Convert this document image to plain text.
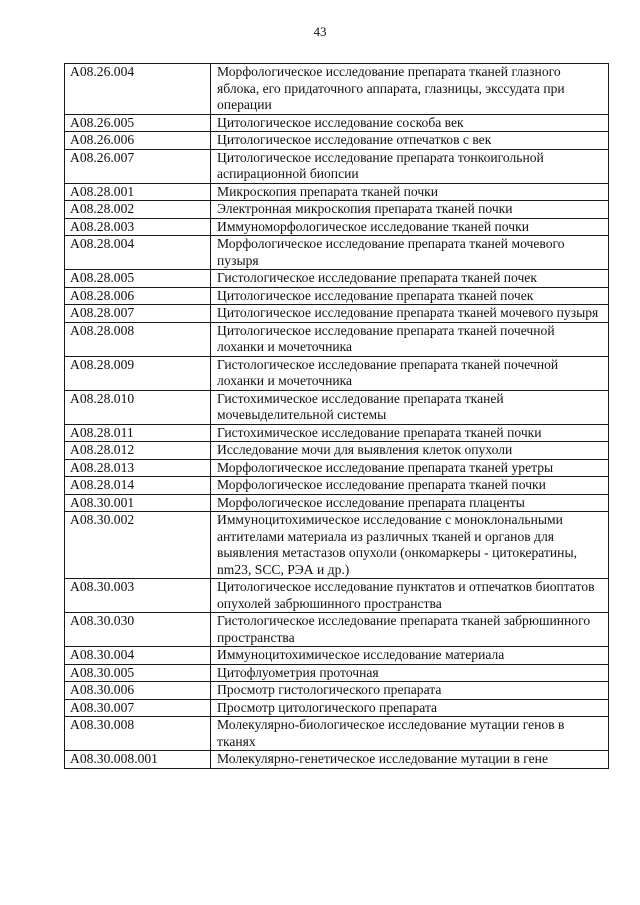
43
A08.26.004	Морфологическое исследование препарата тканей глазного яблока, его придаточного аппарата, глазницы, экссудата при операции
A08.26.005	Цитологическое исследование соскоба век
A08.26.006	Цитологическое исследование отпечатков с век
A08.26.007	Цитологическое исследование препарата тонкоигольной аспирационной биопсии
A08.28.001	Микроскопия препарата тканей почки
A08.28.002	Электронная микроскопия препарата тканей почки
A08.28.003	Иммуноморфологическое исследование тканей почки
A08.28.004	Морфологическое исследование препарата тканей мочевого пузыря
A08.28.005	Гистологическое исследование препарата тканей почек
A08.28.006	Цитологическое исследование препарата тканей почек
A08.28.007	Цитологическое исследование препарата тканей мочевого пузыря
A08.28.008	Цитологическое исследование препарата тканей почечной лоханки и мочеточника
A08.28.009	Гистологическое исследование препарата тканей почечной лоханки и мочеточника
A08.28.010	Гистохимическое исследование препарата тканей мочевыделительной системы
A08.28.011	Гистохимическое исследование препарата тканей почки
A08.28.012	Исследование мочи для выявления клеток опухоли
A08.28.013	Морфологическое исследование препарата тканей уретры
A08.28.014	Морфологическое исследование препарата тканей почки
A08.30.001	Морфологическое исследование препарата плаценты
A08.30.002	Иммуноцитохимическое исследование с моноклональными антителами материала из различных тканей и органов для выявления метастазов опухоли (онкомаркеры - цитокератины, nm23, SCC, РЭА и др.)
A08.30.003	Цитологическое исследование пунктатов и отпечатков биоптатов опухолей забрюшинного пространства
A08.30.030	Гистологическое исследование препарата тканей забрюшинного пространства
A08.30.004	Иммуноцитохимическое исследование материала
A08.30.005	Цитофлуометрия проточная
A08.30.006	Просмотр гистологического препарата
A08.30.007	Просмотр цитологического препарата
A08.30.008	Молекулярно-биологическое исследование мутации генов в тканях
A08.30.008.001	Молекулярно-генетическое исследование мутации в гене
